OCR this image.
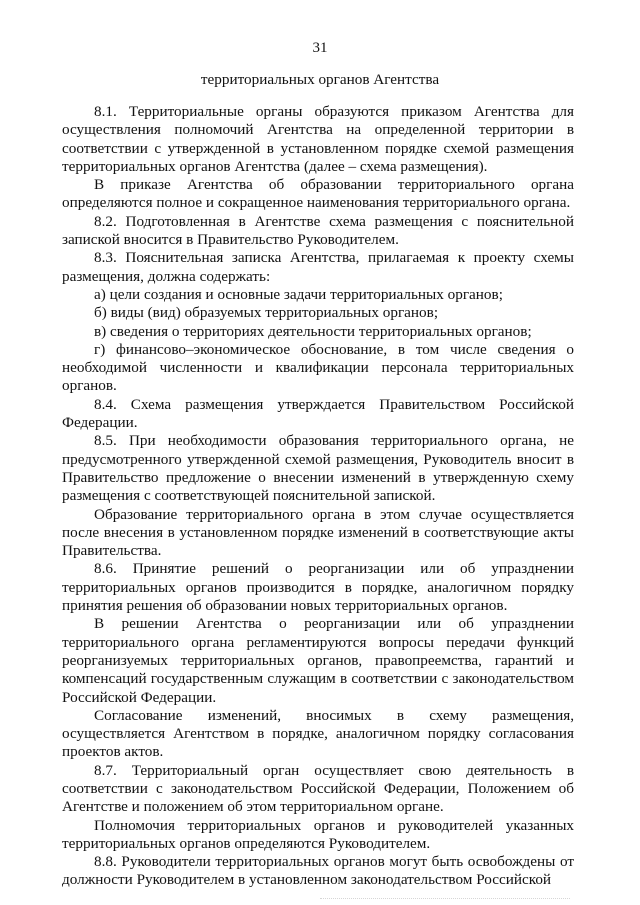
31
территориальных органов Агентства

8.1. Территориальные органы образуются приказом Агентства для осуществления полномочий Агентства на определенной территории в соответствии с утвержденной в установленном порядке схемой размещения территориальных органов Агентства (далее – схема размещения).

В приказе Агентства об образовании территориального органа определяются полное и сокращенное наименования территориального органа.

8.2. Подготовленная в Агентстве схема размещения с пояснительной запиской вносится в Правительство Руководителем.

8.3. Пояснительная записка Агентства, прилагаемая к проекту схемы размещения, должна содержать:

а) цели создания и основные задачи территориальных органов;

б) виды (вид) образуемых территориальных органов;

в) сведения о территориях деятельности территориальных органов;

г) финансово–экономическое обоснование, в том числе сведения о необходимой численности и квалификации персонала территориальных органов.

8.4. Схема размещения утверждается Правительством Российской Федерации.

8.5. При необходимости образования территориального органа, не предусмотренного утвержденной схемой размещения, Руководитель вносит в Правительство предложение о внесении изменений в утвержденную схему размещения с соответствующей пояснительной запиской.

Образование территориального органа в этом случае осуществляется после внесения в установленном порядке изменений в соответствующие акты Правительства.

8.6. Принятие решений о реорганизации или об упразднении территориальных органов производится в порядке, аналогичном порядку принятия решения об образовании новых территориальных органов.

В решении Агентства о реорганизации или об упразднении территориального органа регламентируются вопросы передачи функций реорганизуемых территориальных органов, правопреемства, гарантий и компенсаций государственным служащим в соответствии с законодательством Российской Федерации.

Согласование изменений, вносимых в схему размещения, осуществляется Агентством в порядке, аналогичном порядку согласования проектов актов.

8.7. Территориальный орган осуществляет свою деятельность в соответствии с законодательством Российской Федерации, Положением об Агентстве и положением об этом территориальном органе.

Полномочия территориальных органов и руководителей указанных территориальных органов определяются Руководителем.

8.8. Руководители территориальных органов могут быть освобождены от должности Руководителем в установленном законодательством Российской
